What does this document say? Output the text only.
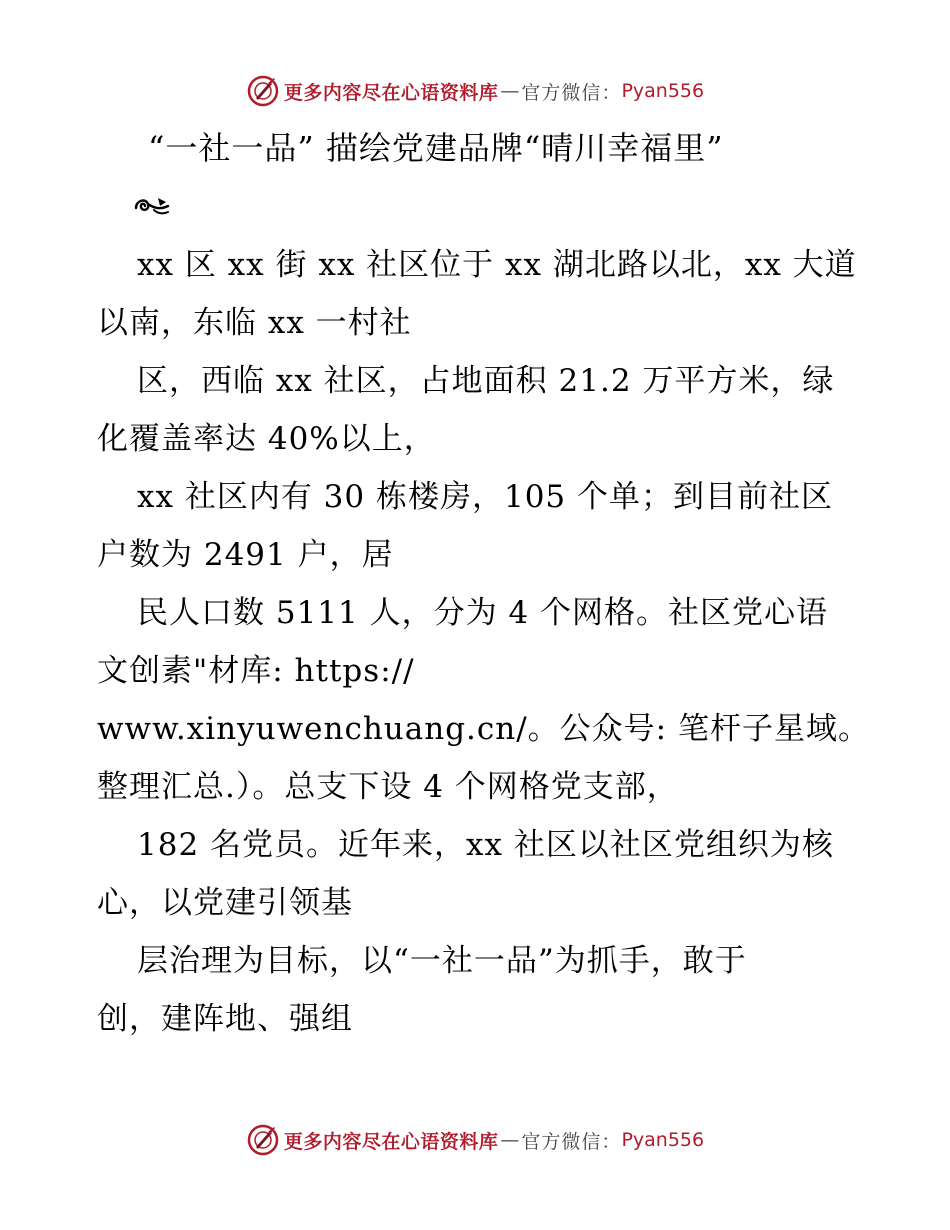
更多内容尽在心语资料库 — 官方微信： Pyan556
“一社一品” 描绘党建品牌“晴川幸福里”
xx 区 xx 街 xx 社区位于 xx 湖北路以北，xx 大道
以南，东临 xx 一村社
区，西临 xx 社区，占地面积 21.2 万平方米，绿
化覆盖率达 40%以上，
xx 社区内有 30 栋楼房，105 个单；到目前社区
户数为 2491 户，居
民人口数 5111 人，分为 4 个网格。社区党心语
文创素"材库: https://
www.xinyuwenchuang.cn/。公众号: 笔杆子星域。
整理汇总.）。总支下设 4 个网格党支部，
182 名党员。近年来，xx 社区以社区党组织为核
心，以党建引领基
层治理为目标，以“一社一品”为抓手，敢于
创，建阵地、强组
更多内容尽在心语资料库 — 官方微信： Pyan556
